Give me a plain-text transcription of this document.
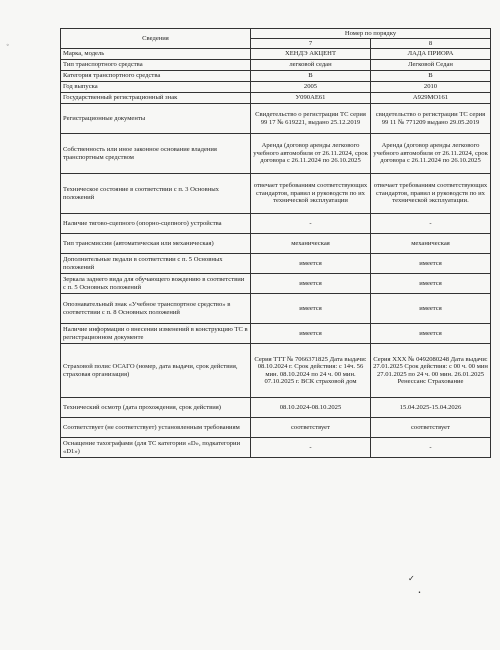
Сведения	Номер по порядку	
	7	8
Марка, модель	ХЕНДЭ АКЦЕНТ	ЛАДА ПРИОРА
Тип транспортного средства	легковой седан	Легковой Седан
Категория транспортного средства	B	B
Год выпуска	2005	2010
Государственный регистрационный знак	У090АЕ61	А929МО161
Регистрационные документы	Свидетельство о регистрации ТС серия 99 17 № 619221, выдано 25.12.2019	свидетельство о регистрации ТС серия 99 11 № 771209 выдано 29.05.2019
Собственность или иное законное основание владения транспортным средством	Аренда (договор аренды легкового учебного автомобиля от 26.11.2024, срок договора с 26.11.2024 по 26.10.2025	Аренда (договор аренды легкового учебного автомобиля от 26.11.2024, срок договора с 26.11.2024 по 26.10.2025
Техническое состояние в соответствии с п. 3 Основных положений	отвечает требованиям соответствующих стандартов, правил и руководств по их технической эксплуатации	отвечает требованиям соответствующих стандартов, правил и руководств по их технической эксплуатации.
Наличие тягово-сцепного (опорно-сцепного) устройства	-	-
Тип трансмиссии (автоматическая или механическая)	механическая	механическая
Дополнительные педали в соответствии с п. 5 Основных положений	имеется	имеется
Зеркала заднего вида для обучающего вождению в соответствии с п. 5 Основных положений	имеется	имеется
Опознавательный знак «Учебное транспортное средство» в соответствии с п. 8 Основных положений	имеется	имеется
Наличие информации о внесении изменений в конструкцию ТС в регистрационном документе	имеется	имеется
Страховой полис ОСАГО (номер, дата выдачи, срок действия, страховая организация)	Серия ТТТ № 7066371825 Дата выдачи: 08.10.2024 г. Срок действия: с 14ч. 56 мин. 08.10.2024 по 24 ч. 00 мин. 07.10.2025 г. ВСК страховой дом	Серия ХХХ № 0492080248 Дата выдачи: 27.01.2025 Срок действия: с 00 ч. 00 мин 27.01.2025 по 24 ч. 00 мин. 26.01.2025 Ренессанс Страхование
Технический осмотр (дата прохождения, срок действия)	08.10.2024-08.10.2025	15.04.2025-15.04.2026
Соответствует (не соответствует) установленным требованиям	соответствует	соответствует
Оснащение тахографами (для ТС категории «D», подкатегории «D1»)	-	-
◦
✓
•
